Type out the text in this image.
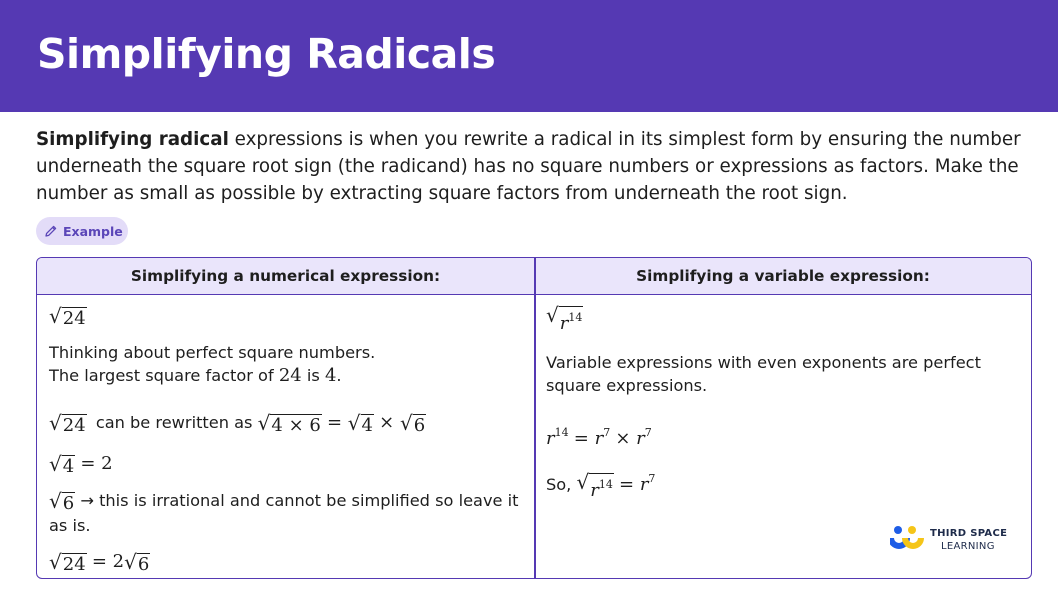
Simplifying Radicals

Simplifying radical expressions is when you rewrite a radical in its simplest form by ensuring the number underneath the square root sign (the radicand) has no square numbers or expressions as factors. Make the number as small as possible by extracting square factors from underneath the root sign.

Example
Simplifying a numerical expression:	Simplifying a variable expression:
√ 24
Thinking about perfect square numbers.
The largest square factor of 24 is 4.
√ 24 can be rewritten as √ 4 × 6 = √ 4 × √ 6
√ 4 = 2
√ 6 → this is irrational and cannot be simplified so leave it as is.
√ 24 = 2 √ 6
√ $r^{14}$
Variable expressions with even exponents are perfect square expressions.
$r^{14} = r^7 \times r^7$
So, √ $r^{14} = r^7$
THIRD SPACE
LEARNING
